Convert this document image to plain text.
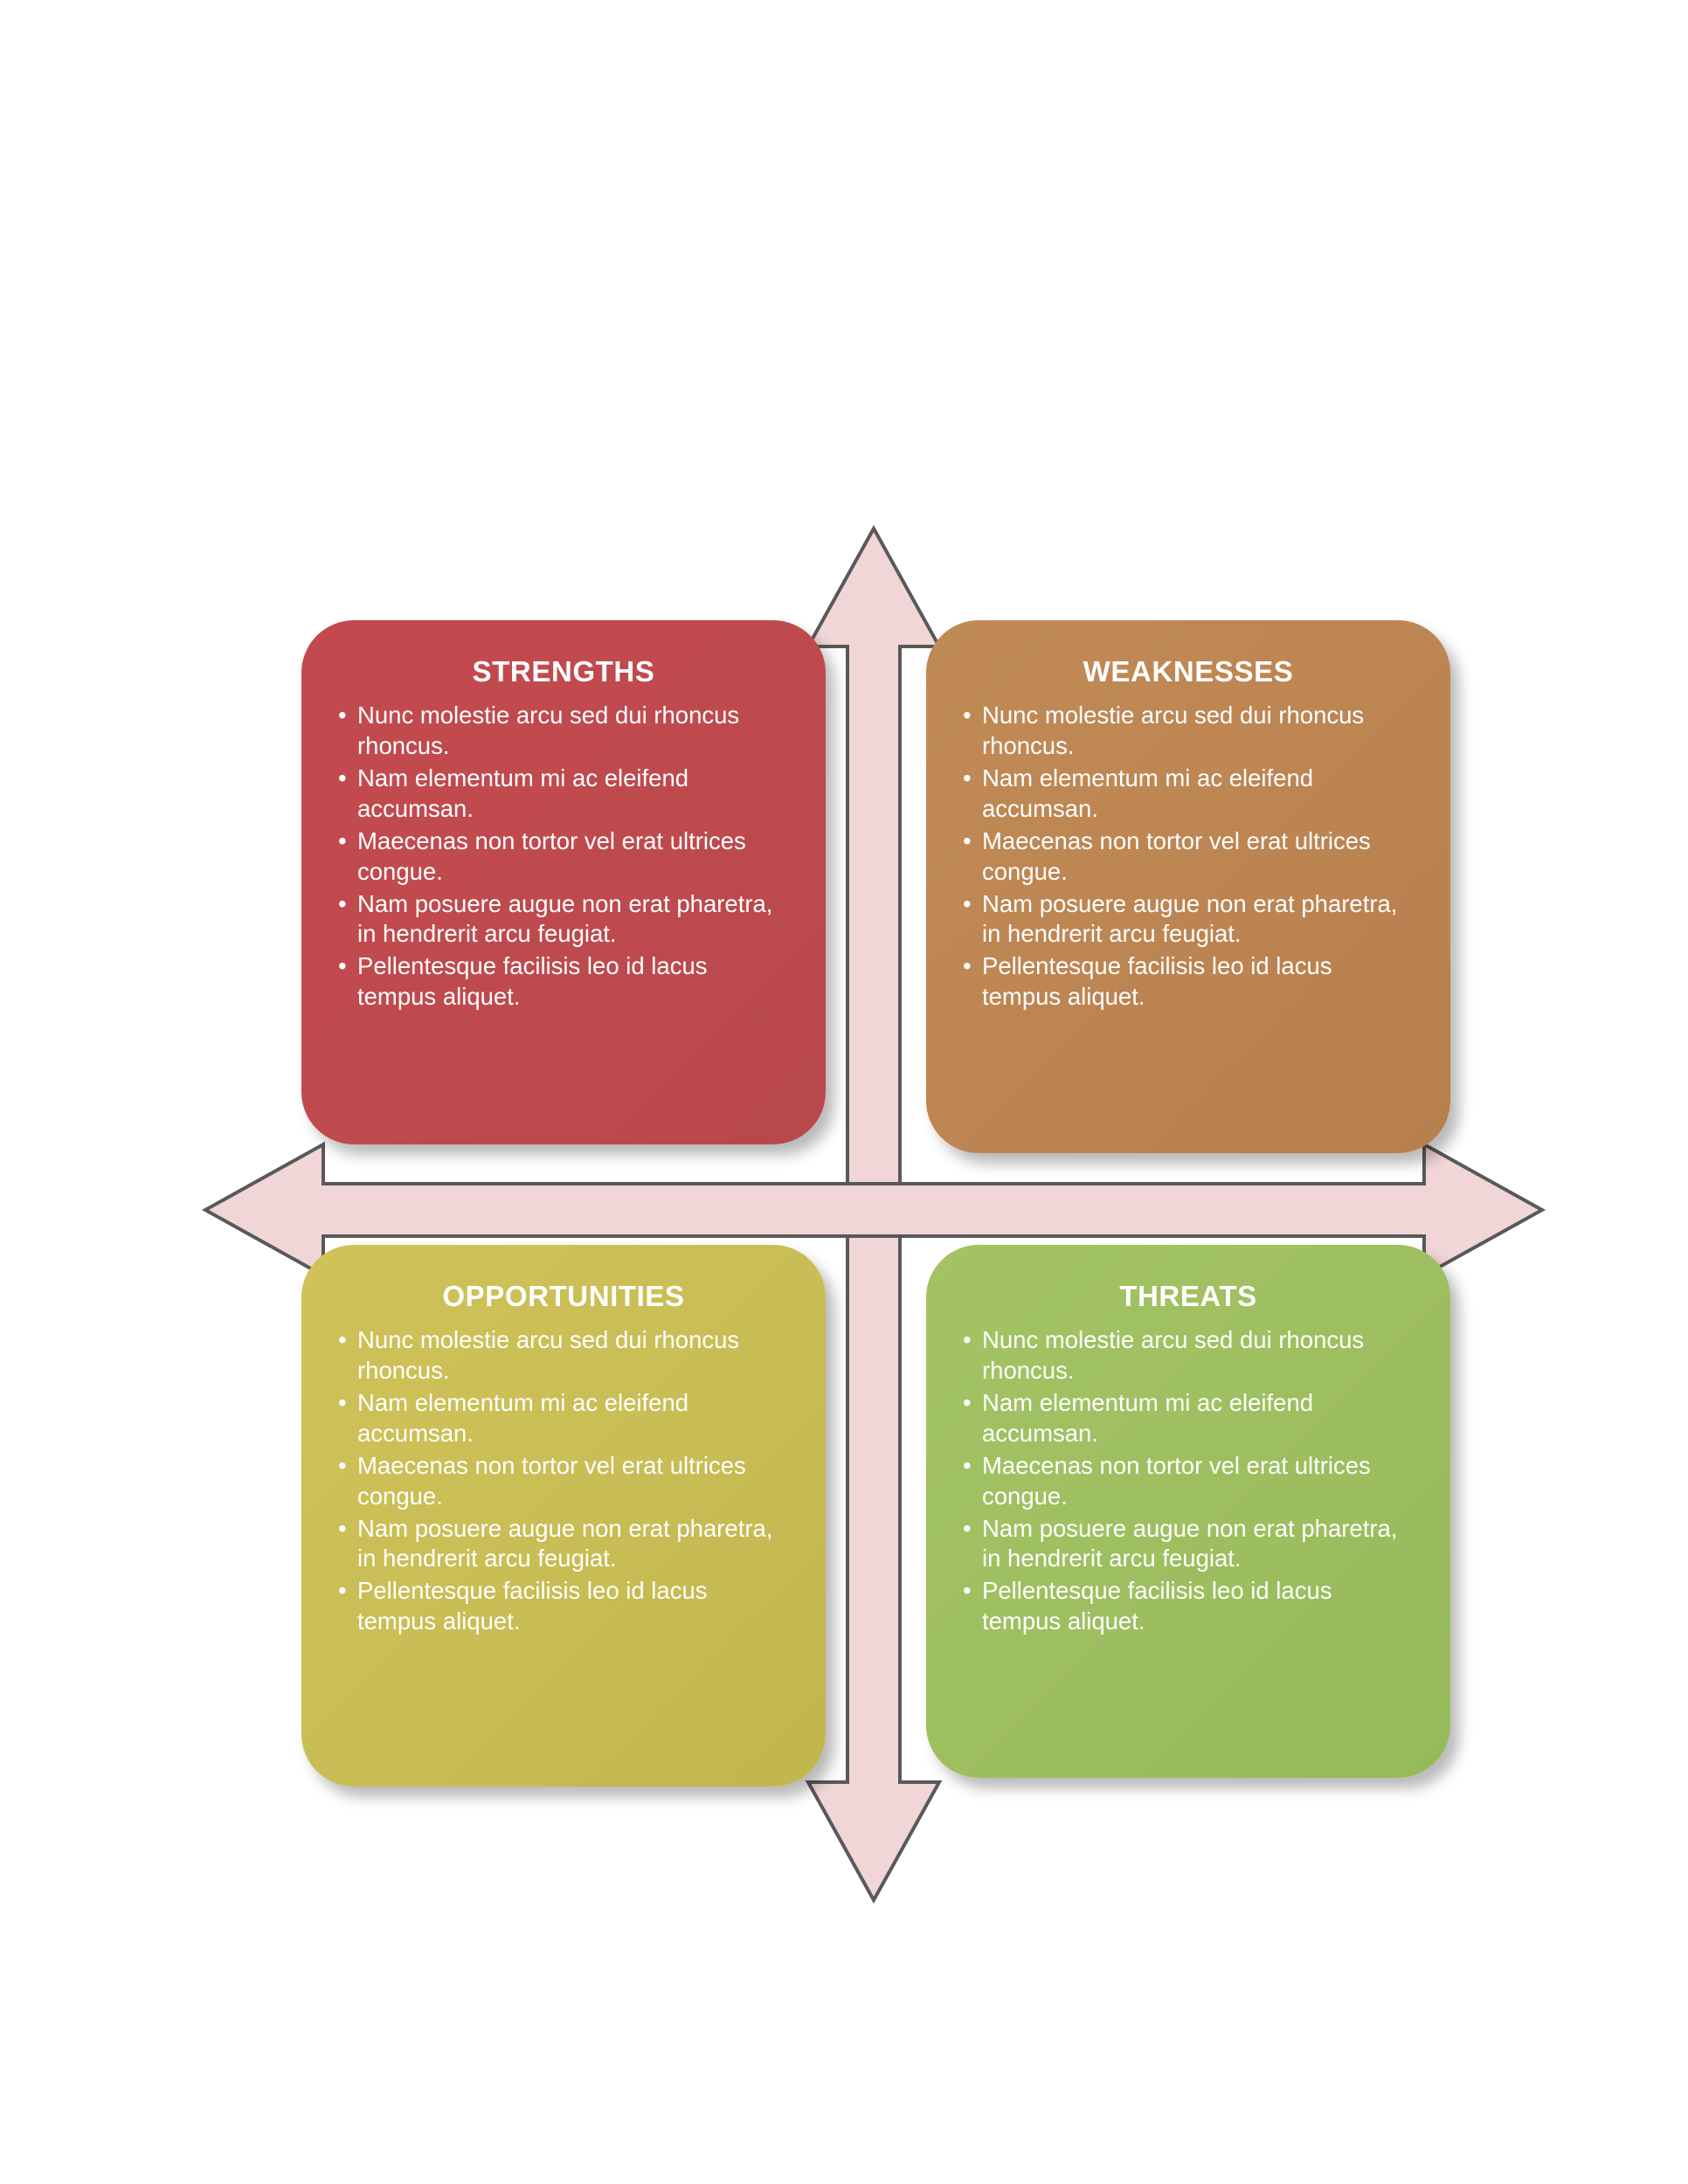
STRENGTHS
• Nunc molestie arcu sed dui rhoncus rhoncus.
• Nam elementum mi ac eleifend accumsan.
• Maecenas non tortor vel erat ultrices congue.
• Nam posuere augue non erat pharetra, in hendrerit arcu feugiat.
• Pellentesque facilisis leo id lacus tempus aliquet.
WEAKNESSES
• Nunc molestie arcu sed dui rhoncus rhoncus.
• Nam elementum mi ac eleifend accumsan.
• Maecenas non tortor vel erat ultrices congue.
• Nam posuere augue non erat pharetra, in hendrerit arcu feugiat.
• Pellentesque facilisis leo id lacus tempus aliquet.
OPPORTUNITIES
• Nunc molestie arcu sed dui rhoncus rhoncus.
• Nam elementum mi ac eleifend accumsan.
• Maecenas non tortor vel erat ultrices congue.
• Nam posuere augue non erat pharetra, in hendrerit arcu feugiat.
• Pellentesque facilisis leo id lacus tempus aliquet.
THREATS
• Nunc molestie arcu sed dui rhoncus rhoncus.
• Nam elementum mi ac eleifend accumsan.
• Maecenas non tortor vel erat ultrices congue.
• Nam posuere augue non erat pharetra, in hendrerit arcu feugiat.
• Pellentesque facilisis leo id lacus tempus aliquet.
